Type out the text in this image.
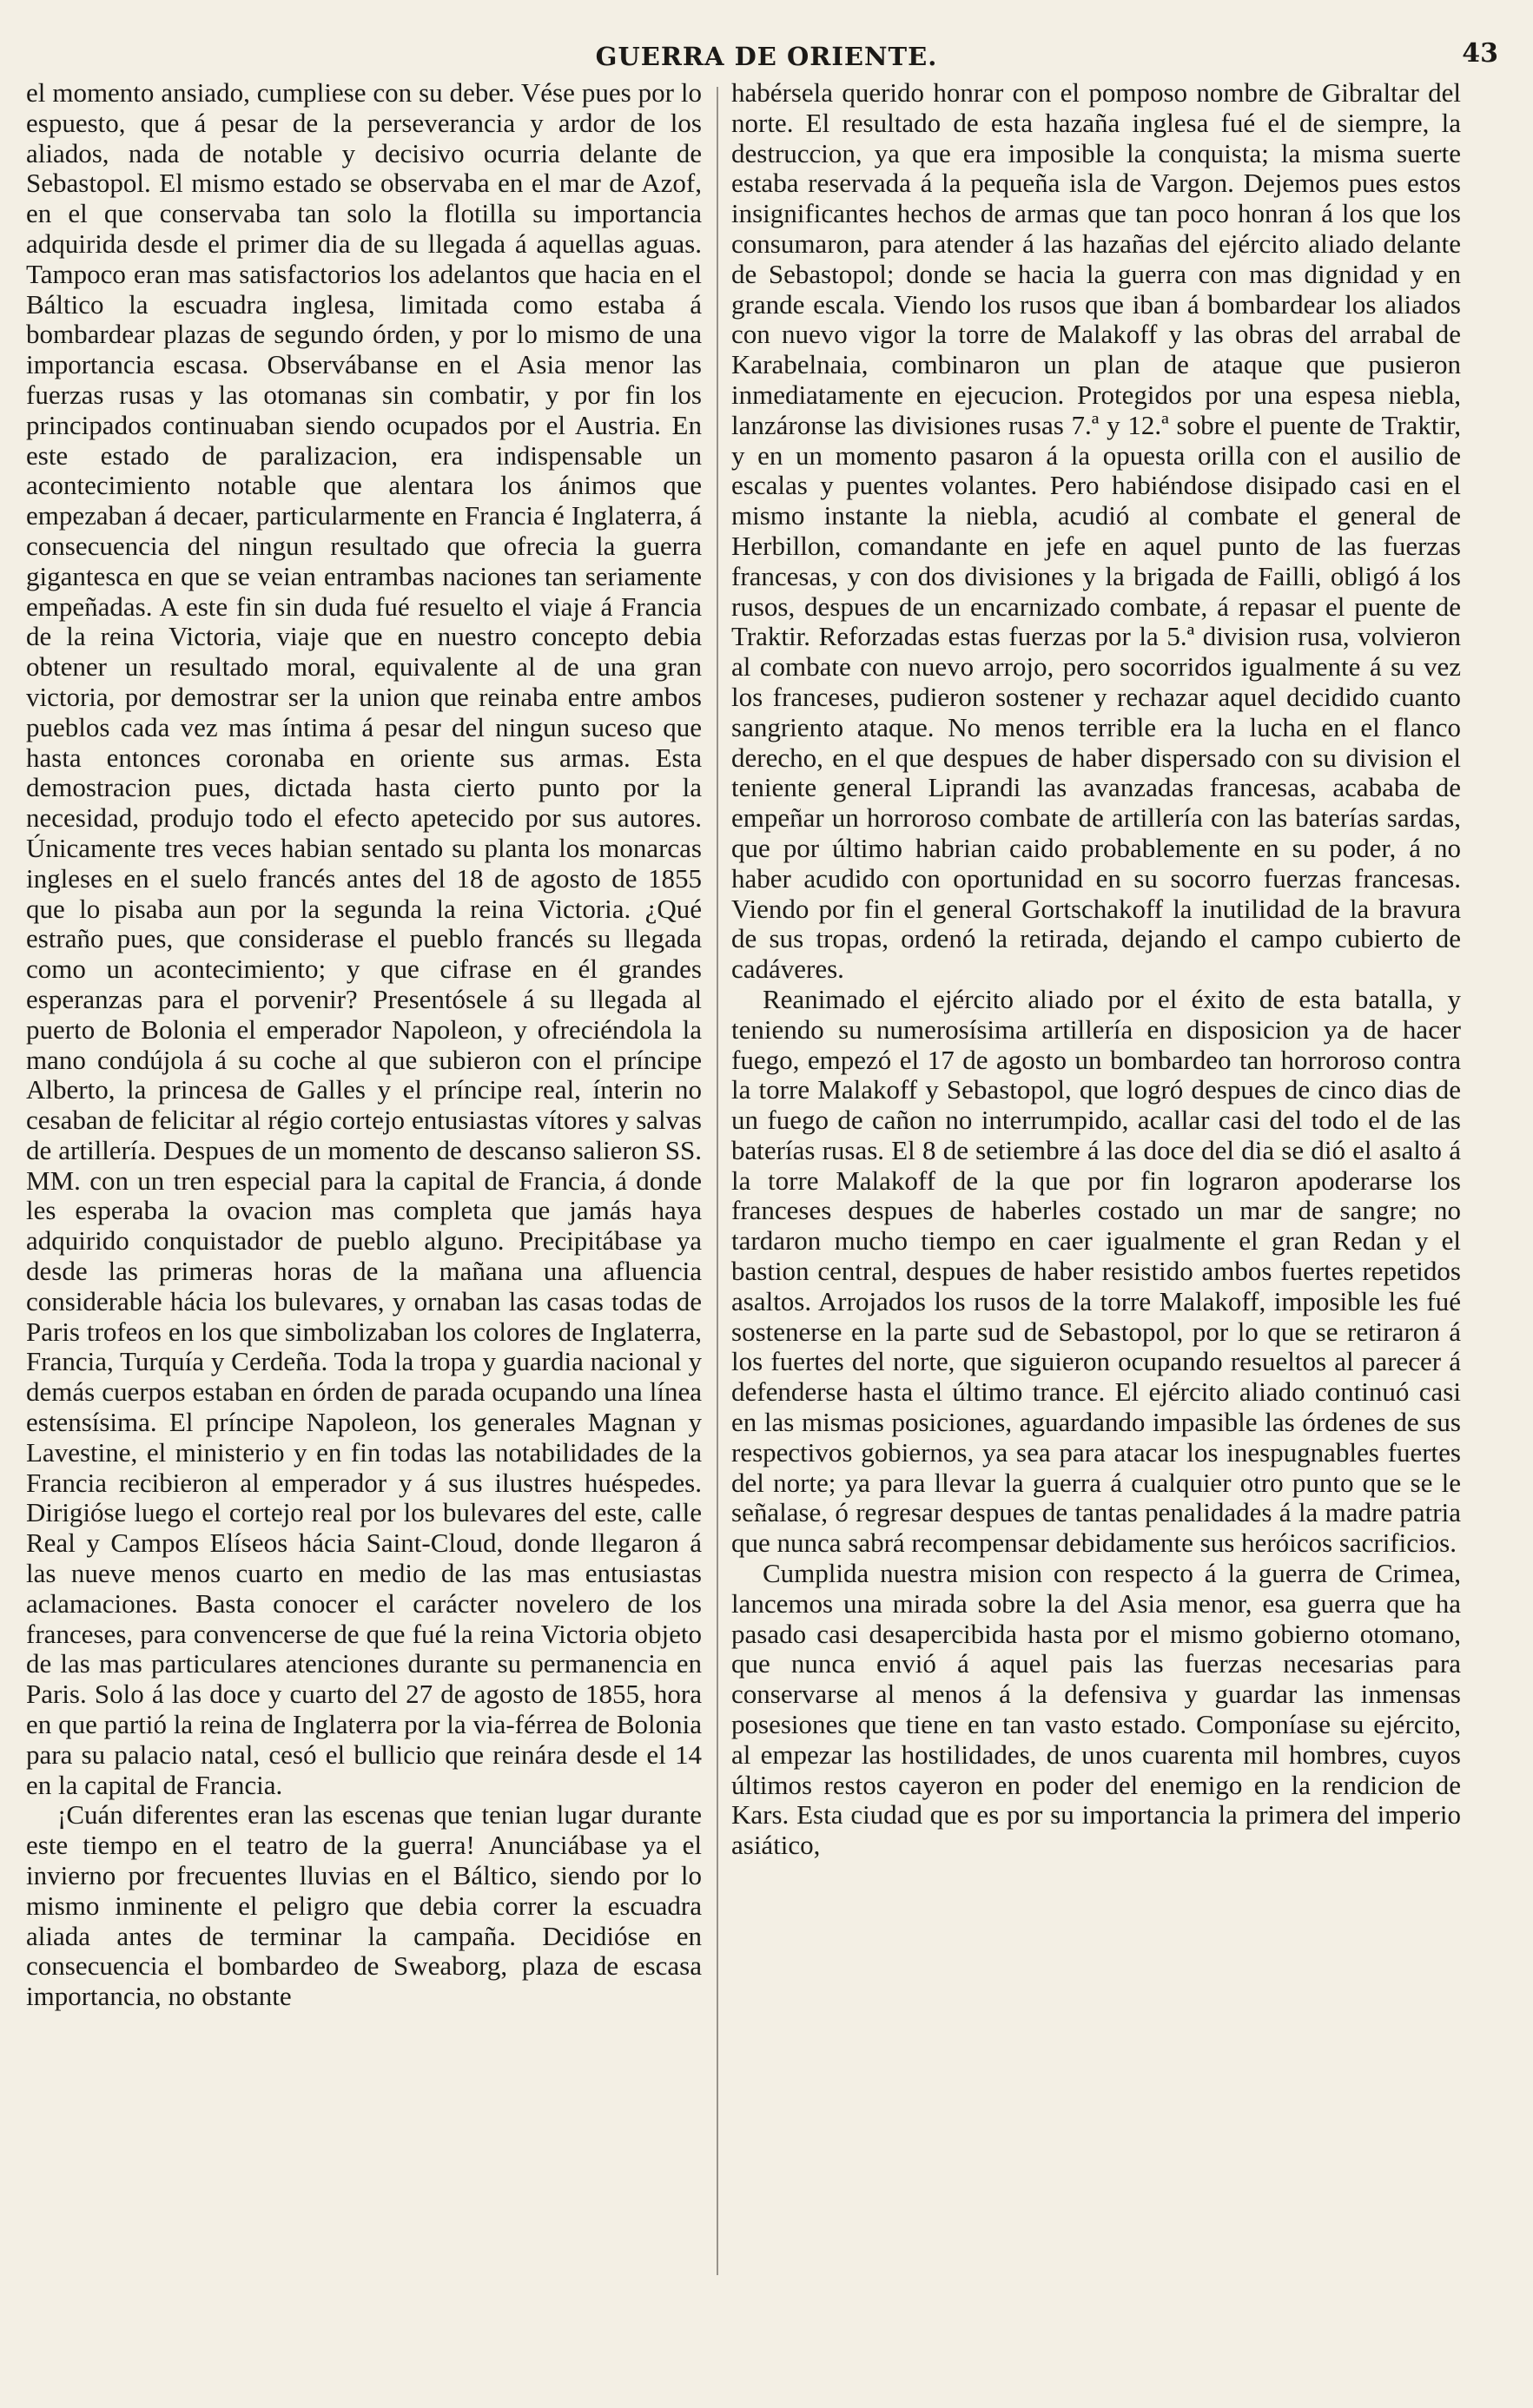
GUERRA DE ORIENTE.	43

el momento ansiado, cumpliese con su deber. Vése pues por lo espuesto, que á pesar de la perseverancia y ardor de los aliados, nada de notable y decisivo ocurria delante de Sebastopol. El mismo estado se observaba en el mar de Azof, en el que conservaba tan solo la flotilla su importancia adquirida desde el primer dia de su llegada á aquellas aguas. Tampoco eran mas satisfactorios los adelantos que hacia en el Báltico la escuadra inglesa, limitada como estaba á bombardear plazas de segundo órden, y por lo mismo de una importancia escasa. Observábanse en el Asia menor las fuerzas rusas y las otomanas sin combatir, y por fin los principados continuaban siendo ocupados por el Austria. En este estado de paralizacion, era indispensable un acontecimiento notable que alentara los ánimos que empezaban á decaer, particularmente en Francia é Inglaterra, á consecuencia del ningun resultado que ofrecia la guerra gigantesca en que se veian entrambas naciones tan seriamente empeñadas. A este fin sin duda fué resuelto el viaje á Francia de la reina Victoria, viaje que en nuestro concepto debia obtener un resultado moral, equivalente al de una gran victoria, por demostrar ser la union que reinaba entre ambos pueblos cada vez mas íntima á pesar del ningun suceso que hasta entonces coronaba en oriente sus armas. Esta demostracion pues, dictada hasta cierto punto por la necesidad, produjo todo el efecto apetecido por sus autores. Únicamente tres veces habian sentado su planta los monarcas ingleses en el suelo francés antes del 18 de agosto de 1855 que lo pisaba aun por la segunda la reina Victoria. ¿Qué estraño pues, que considerase el pueblo francés su llegada como un acontecimiento; y que cifrase en él grandes esperanzas para el porvenir? Presentósele á su llegada al puerto de Bolonia el emperador Napoleon, y ofreciéndola la mano condújola á su coche al que subieron con el príncipe Alberto, la princesa de Galles y el príncipe real, ínterin no cesaban de felicitar al régio cortejo entusiastas vítores y salvas de artillería. Despues de un momento de descanso salieron SS. MM. con un tren especial para la capital de Francia, á donde les esperaba la ovacion mas completa que jamás haya adquirido conquistador de pueblo alguno. Precipitábase ya desde las primeras horas de la mañana una afluencia considerable hácia los bulevares, y ornaban las casas todas de Paris trofeos en los que simbolizaban los colores de Inglaterra, Francia, Turquía y Cerdeña. Toda la tropa y guardia nacional y demás cuerpos estaban en órden de parada ocupando una línea estensísima. El príncipe Napoleon, los generales Magnan y Lavestine, el ministerio y en fin todas las notabilidades de la Francia recibieron al emperador y á sus ilustres huéspedes. Dirigióse luego el cortejo real por los bulevares del este, calle Real y Campos Elíseos hácia Saint-Cloud, donde llegaron á las nueve menos cuarto en medio de las mas entusiastas aclamaciones. Basta conocer el carácter novelero de los franceses, para convencerse de que fué la reina Victoria objeto de las mas particulares atenciones durante su permanencia en Paris. Solo á las doce y cuarto del 27 de agosto de 1855, hora en que partió la reina de Inglaterra por la via-férrea de Bolonia para su palacio natal, cesó el bullicio que reinára desde el 14 en la capital de Francia.

¡Cuán diferentes eran las escenas que tenian lugar durante este tiempo en el teatro de la guerra! Anunciábase ya el invierno por frecuentes lluvias en el Báltico, siendo por lo mismo inminente el peligro que debia correr la escuadra aliada antes de terminar la campaña. Decidióse en consecuencia el bombardeo de Sweaborg, plaza de escasa importancia, no obstante

habérsela querido honrar con el pomposo nombre de Gibraltar del norte. El resultado de esta hazaña inglesa fué el de siempre, la destruccion, ya que era imposible la conquista; la misma suerte estaba reservada á la pequeña isla de Vargon. Dejemos pues estos insignificantes hechos de armas que tan poco honran á los que los consumaron, para atender á las hazañas del ejército aliado delante de Sebastopol; donde se hacia la guerra con mas dignidad y en grande escala. Viendo los rusos que iban á bombardear los aliados con nuevo vigor la torre de Malakoff y las obras del arrabal de Karabelnaia, combinaron un plan de ataque que pusieron inmediatamente en ejecucion. Protegidos por una espesa niebla, lanzáronse las divisiones rusas 7.ª y 12.ª sobre el puente de Traktir, y en un momento pasaron á la opuesta orilla con el ausilio de escalas y puentes volantes. Pero habiéndose disipado casi en el mismo instante la niebla, acudió al combate el general de Herbillon, comandante en jefe en aquel punto de las fuerzas francesas, y con dos divisiones y la brigada de Failli, obligó á los rusos, despues de un encarnizado combate, á repasar el puente de Traktir. Reforzadas estas fuerzas por la 5.ª division rusa, volvieron al combate con nuevo arrojo, pero socorridos igualmente á su vez los franceses, pudieron sostener y rechazar aquel decidido cuanto sangriento ataque. No menos terrible era la lucha en el flanco derecho, en el que despues de haber dispersado con su division el teniente general Liprandi las avanzadas francesas, acababa de empeñar un horroroso combate de artillería con las baterías sardas, que por último habrian caido probablemente en su poder, á no haber acudido con oportunidad en su socorro fuerzas francesas. Viendo por fin el general Gortschakoff la inutilidad de la bravura de sus tropas, ordenó la retirada, dejando el campo cubierto de cadáveres.

Reanimado el ejército aliado por el éxito de esta batalla, y teniendo su numerosísima artillería en disposicion ya de hacer fuego, empezó el 17 de agosto un bombardeo tan horroroso contra la torre Malakoff y Sebastopol, que logró despues de cinco dias de un fuego de cañon no interrumpido, acallar casi del todo el de las baterías rusas. El 8 de setiembre á las doce del dia se dió el asalto á la torre Malakoff de la que por fin lograron apoderarse los franceses despues de haberles costado un mar de sangre; no tardaron mucho tiempo en caer igualmente el gran Redan y el bastion central, despues de haber resistido ambos fuertes repetidos asaltos. Arrojados los rusos de la torre Malakoff, imposible les fué sostenerse en la parte sud de Sebastopol, por lo que se retiraron á los fuertes del norte, que siguieron ocupando resueltos al parecer á defenderse hasta el último trance. El ejército aliado continuó casi en las mismas posiciones, aguardando impasible las órdenes de sus respectivos gobiernos, ya sea para atacar los inespugnables fuertes del norte; ya para llevar la guerra á cualquier otro punto que se le señalase, ó regresar despues de tantas penalidades á la madre patria que nunca sabrá recompensar debidamente sus heróicos sacrificios.

Cumplida nuestra mision con respecto á la guerra de Crimea, lancemos una mirada sobre la del Asia menor, esa guerra que ha pasado casi desapercibida hasta por el mismo gobierno otomano, que nunca envió á aquel pais las fuerzas necesarias para conservarse al menos á la defensiva y guardar las inmensas posesiones que tiene en tan vasto estado. Componíase su ejército, al empezar las hostilidades, de unos cuarenta mil hombres, cuyos últimos restos cayeron en poder del enemigo en la rendicion de Kars. Esta ciudad que es por su importancia la primera del imperio asiático,
